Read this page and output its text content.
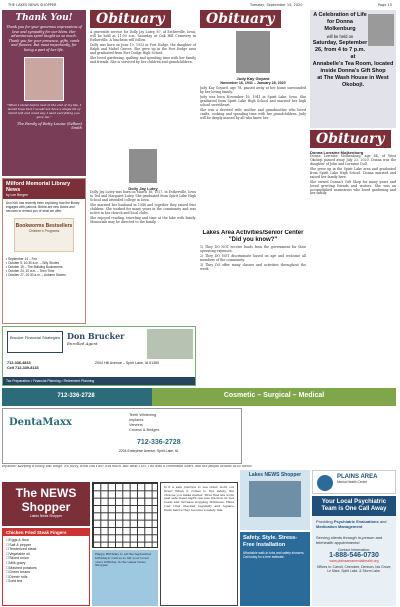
THE LAKES NEWS SHOPPER	Tuesday, September 15, 2020	Page 15
Thank You!

Thank you for your generous expressions of love and sympathy for our Mom. Her adventurous spirit taught us so much. Thank you for your presence, gifts, cards and flowers. But most importantly, for being a part of her life.

"When I stand before God at the end of my life, I would hope that I would not have a single bit of talent left and could say, I used everything you gave me."

The Family of Betty Louise (Selken) Smith

Milford Memorial Library News
by Lee Bergen
Ann Kirk has recently been exploring how the library engages with patrons. Below are new books and services to remind you of what we offer.
Bookworms Bestsellers
Children's Programs
• September 14 – Fox
• October 5, 10:30 a.m. – Silly Stories
• October 19 – The Building Bookworms
• October 24, 10 a.m. – Teen Time
• October 27, 10:30 a.m. – Autumn Stories
Obituary

A graveside service for Dolly Jay Lutey, 87, of Estherville, Iowa, will be held at 11:00 a.m. Saturday at Oak Hill Cemetery in Estherville. A luncheon will follow.

Dolly was born on June 19, 1933 in Fort Dodge, the daughter of Ralph and Mabel Graves. She grew up in the Fort Dodge area and graduated from Fort Dodge High School.

She loved gardening, quilting and spending time with her family and friends. She is survived by her children and grandchildren.

Dolly Jay Lutey

Dolly Jay Lutey was born on March 16, 1927, in Estherville, Iowa to Ted and Margaret Lutey. She graduated from Spirit Lake High School and attended college in Iowa.

She married her husband in 1948 and together they raised four children. She worked for many years in the community and was active in her church and local clubs.

She enjoyed reading, traveling and time at the lake with family. Memorials may be directed to the family.

Obituary
Judy Kay Goyard
November 16, 1941 – January 28, 2020

Judy Kay Goyard, age 78, passed away at her home surrounded by her loving family.

Judy was born November 16, 1941 in Spirit Lake, Iowa. She graduated from Spirit Lake High School and married her high school sweetheart.

She was a devoted wife, mother and grandmother who loved crafts, cooking and spending time with her grandchildren. Judy will be deeply missed by all who knew her.

Lakes Area Activities/Senior Center "Did you know?"

1) They DO NOT receive funds from the government for their operating expenses.

2) They DO NOT discriminate based on age and welcome all members of the community.

3) They DO offer many classes and activities throughout the week.

A Celebration of Life for Donna Molkenburg
will be held on
Saturday, September 26, from 4 to 7 p.m. at
Annabelle's Tea Room, located inside Donna's Gift Shop
at The Wash House in West Okoboji.
Obituary
Donna Lorraine Molkenburg

Donna Lorraine Molkenburg, age 84, of West Okoboji passed away July 23, 2020. Donna was the daughter of John and Lorraine Doll.

She grew up in the Spirit Lake area and graduated from Spirit Lake High School. Donna married and raised her family here.

She owned Donna's Gift Shop for many years and loved greeting friends and visitors. She was an accomplished seamstress who loved gardening and her family.

Brucker Financial Strategies Don Brucker
Enrolled Agent
712-336-4833
Cell 712-339-8133
2004 Hill Avenue – Spirit Lake, IA 51360
Tax Preparation • Financial Planning • Retirement Planning
712-336-2728	Cosmetic – Surgical – Medical
DentaMaxx
Teeth Whitening
Implants
Veneers
Crowns & Bridges
712-336-2728
2204 Enterprise Avenue, Spirit Lake, IA
Inflation: Keeping it heavy and tough. No fuzzy. What can I do? Not much. But what I DO, I do with a committed heart, and the people around us to notice.
The NEWS Shopper
Lakes News Shopper
Chicken Fried Steak Fingers
☐ Eggs & flour
☐ Salt & pepper
☐ Tenderized steak
☐ Vegetable oil
☐ Sliced onion
☐ Milk gravy
☐ Mashed potatoes
☐ Green beans
☐ Dinner rolls
☐ Iced tea
Happy Birthday to all the September birthdays! Call us to list your loved one's birthday in the Lakes News Shopper.
Is it a safe practice to use older, worn out tires? When it comes to tire safety, the choices you make matter. Tires that are worn past safe tread depth can lose traction on wet roads and increase stopping distances. Have your tires checked regularly and replace them before they become a safety risk.
Lakes NEWS Shopper
Safety. Style. Stress-Free Installation
Affordable walk-in tubs and safety showers. Call today for a free estimate.
PLAINS AREA
Mental Health Center
Your Local Psychiatric Team is One Call Away
Providing Psychiatric Evaluations and Medication Management
Serving clients through in-person and telehealth appointments!
Contact Information:
1-888-546-0730
www.plainsareamentalhealth.org
Offices in: Carroll, Cherokee, Denison, Ida Grove, Le Mars, Spirit Lake, & Storm Lake.
